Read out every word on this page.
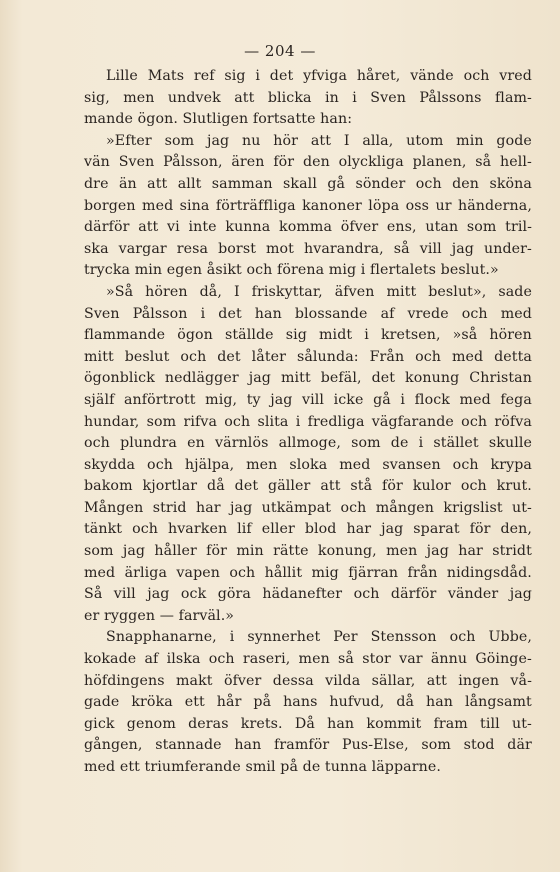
— 204 —
Lille Mats ref sig i det yfviga håret, vände och vred
sig, men undvek att blicka in i Sven Pålssons flam-
mande ögon. Slutligen fortsatte han:
»Efter som jag nu hör att I alla, utom min gode
vän Sven Pålsson, ären för den olyckliga planen, så hell-
dre än att allt samman skall gå sönder och den sköna
borgen med sina förträffliga kanoner löpa oss ur händerna,
därför att vi inte kunna komma öfver ens, utan som tril-
ska vargar resa borst mot hvarandra, så vill jag under-
trycka min egen åsikt och förena mig i flertalets beslut.»
»Så hören då, I friskyttar, äfven mitt beslut», sade
Sven Pålsson i det han blossande af vrede och med
flammande ögon ställde sig midt i kretsen, »så hören
mitt beslut och det låter sålunda: Från och med detta
ögonblick nedlägger jag mitt befäl, det konung Christan
själf anförtrott mig, ty jag vill icke gå i flock med fega
hundar, som rifva och slita i fredliga vägfarande och röfva
och plundra en värnlös allmoge, som de i stället skulle
skydda och hjälpa, men sloka med svansen och krypa
bakom kjortlar då det gäller att stå för kulor och krut.
Mången strid har jag utkämpat och mången krigslist ut-
tänkt och hvarken lif eller blod har jag sparat för den,
som jag håller för min rätte konung, men jag har stridt
med ärliga vapen och hållit mig fjärran från nidingsdåd.
Så vill jag ock göra hädanefter och därför vänder jag
er ryggen — farväl.»
Snapphanarne, i synnerhet Per Stensson och Ubbe,
kokade af ilska och raseri, men så stor var ännu Göinge-
höfdingens makt öfver dessa vilda sällar, att ingen vå-
gade kröka ett hår på hans hufvud, då han långsamt
gick genom deras krets. Då han kommit fram till ut-
gången, stannade han framför Pus-Else, som stod där
med ett triumferande smil på de tunna läpparne.
